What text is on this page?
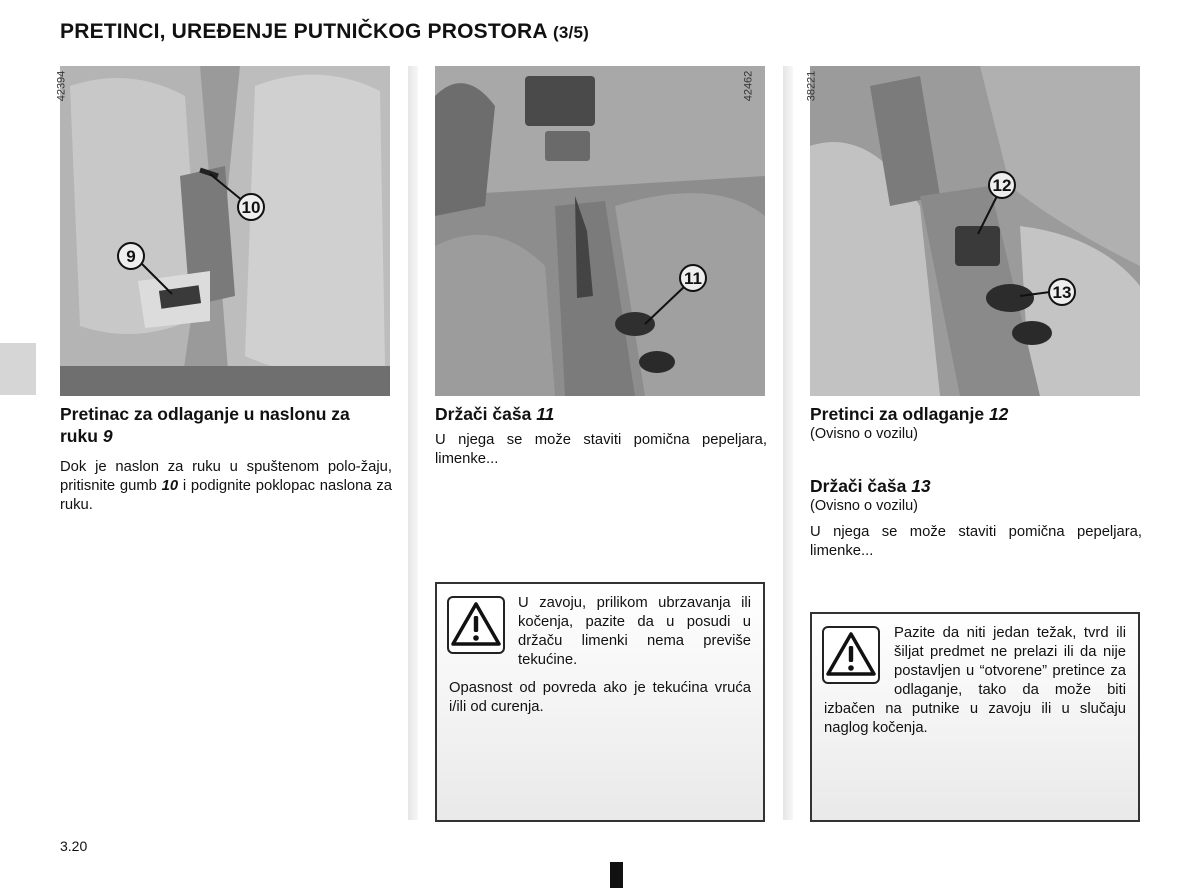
PRETINCI, UREĐENJE PUTNIČKOG PROSTORA (3/5)
10
9
42394
11
42462
12
13
38221
Pretinac za odlaganje u naslonu za ruku 9
Dok je naslon za ruku u spuštenom polo-žaju, pritisnite gumb 10 i podignite poklopac naslona za ruku.
Držači čaša 11
U njega se može staviti pomična pepeljara, limenke...
U zavoju, prilikom ubrzavanja ili kočenja, pazite da u posudi u držaču limenki nema previše tekućine.
Opasnost od povreda ako je tekućina vruća i/ili od curenja.
Pretinci za odlaganje 12
(Ovisno o vozilu)
Držači čaša 13
(Ovisno o vozilu)
U njega se može staviti pomična pepeljara, limenke...
Pazite da niti jedan težak, tvrd ili šiljat predmet ne prelazi ili da nije postavljen u “otvorene” pretince za odlaganje, tako da može biti izbačen na putnike u zavoju ili u slučaju naglog kočenja.
3.20
